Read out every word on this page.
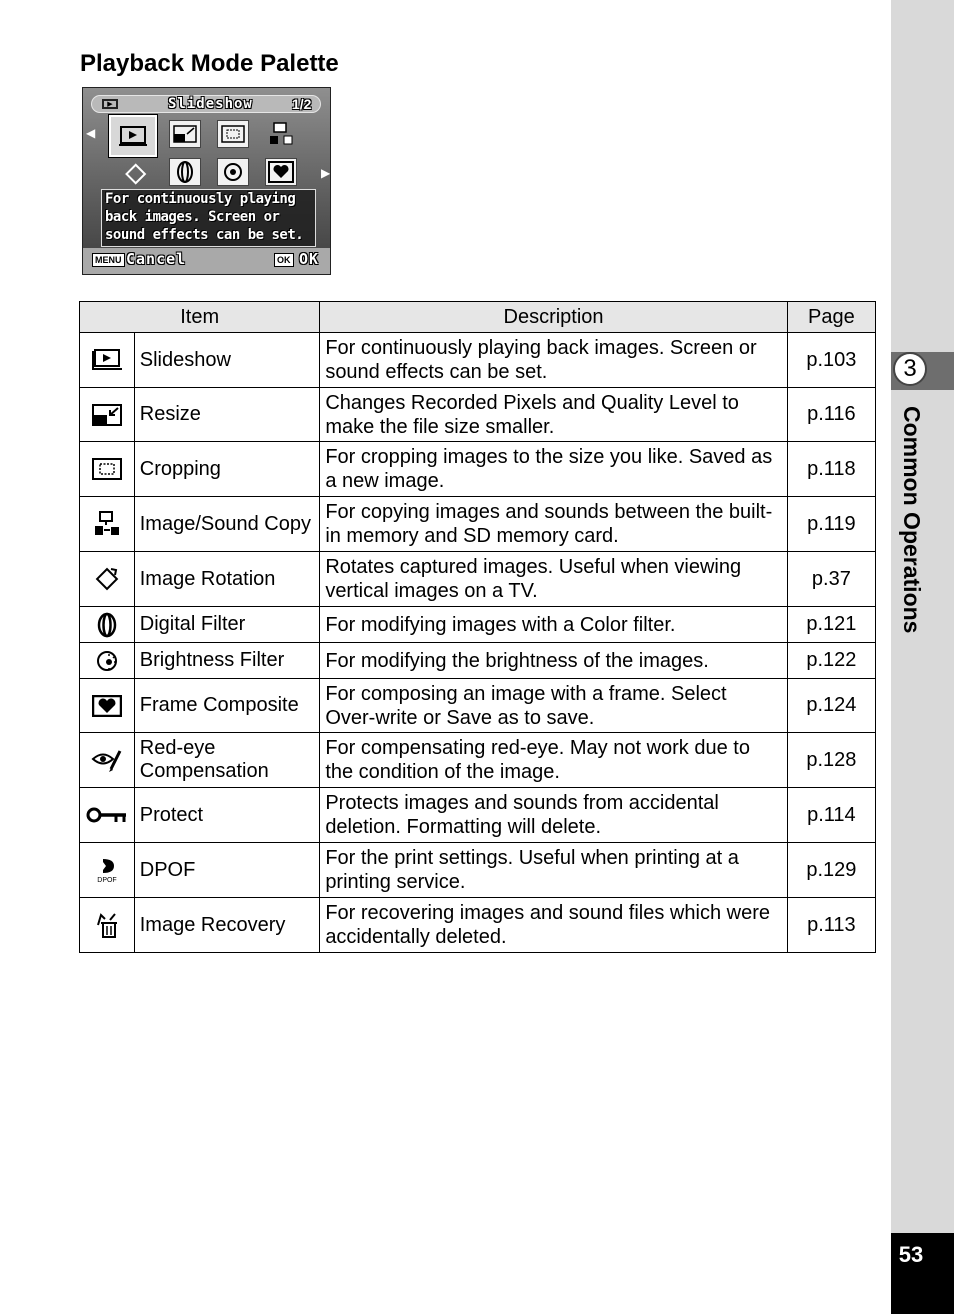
3
Common Operations
53
Playback Mode Palette
▶	Slideshow	1/2
◀
▶
For continuously playing
back images. Screen or
sound effects can be set.
MENU Cancel	OK OK
Item		Description	Page

	Slideshow	For continuously playing back images. Screen or sound effects can be set.	p.103

	Resize	Changes Recorded Pixels and Quality Level to make the file size smaller.	p.116

	Cropping	For cropping images to the size you like. Saved as a new image.	p.118

	Image/Sound Copy	For copying images and sounds between the built-in memory and SD memory card.	p.119

	Image Rotation	Rotates captured images. Useful when viewing vertical images on a TV.	p.37

	Digital Filter	For modifying images with a Color filter.	p.121

	Brightness Filter	For modifying the brightness of the images.	p.122

	Frame Composite	For composing an image with a frame. Select Over-write or Save as to save.	p.124

	Red-eye Compensation	For compensating red-eye. May not work due to the condition of the image.	p.128

	Protect	Protects images and sounds from accidental deletion. Formatting will delete.	p.114

DPOF	DPOF	For the print settings. Useful when printing at a printing service.	p.129

	Image Recovery	For recovering images and sound files which were accidentally deleted.	p.113
